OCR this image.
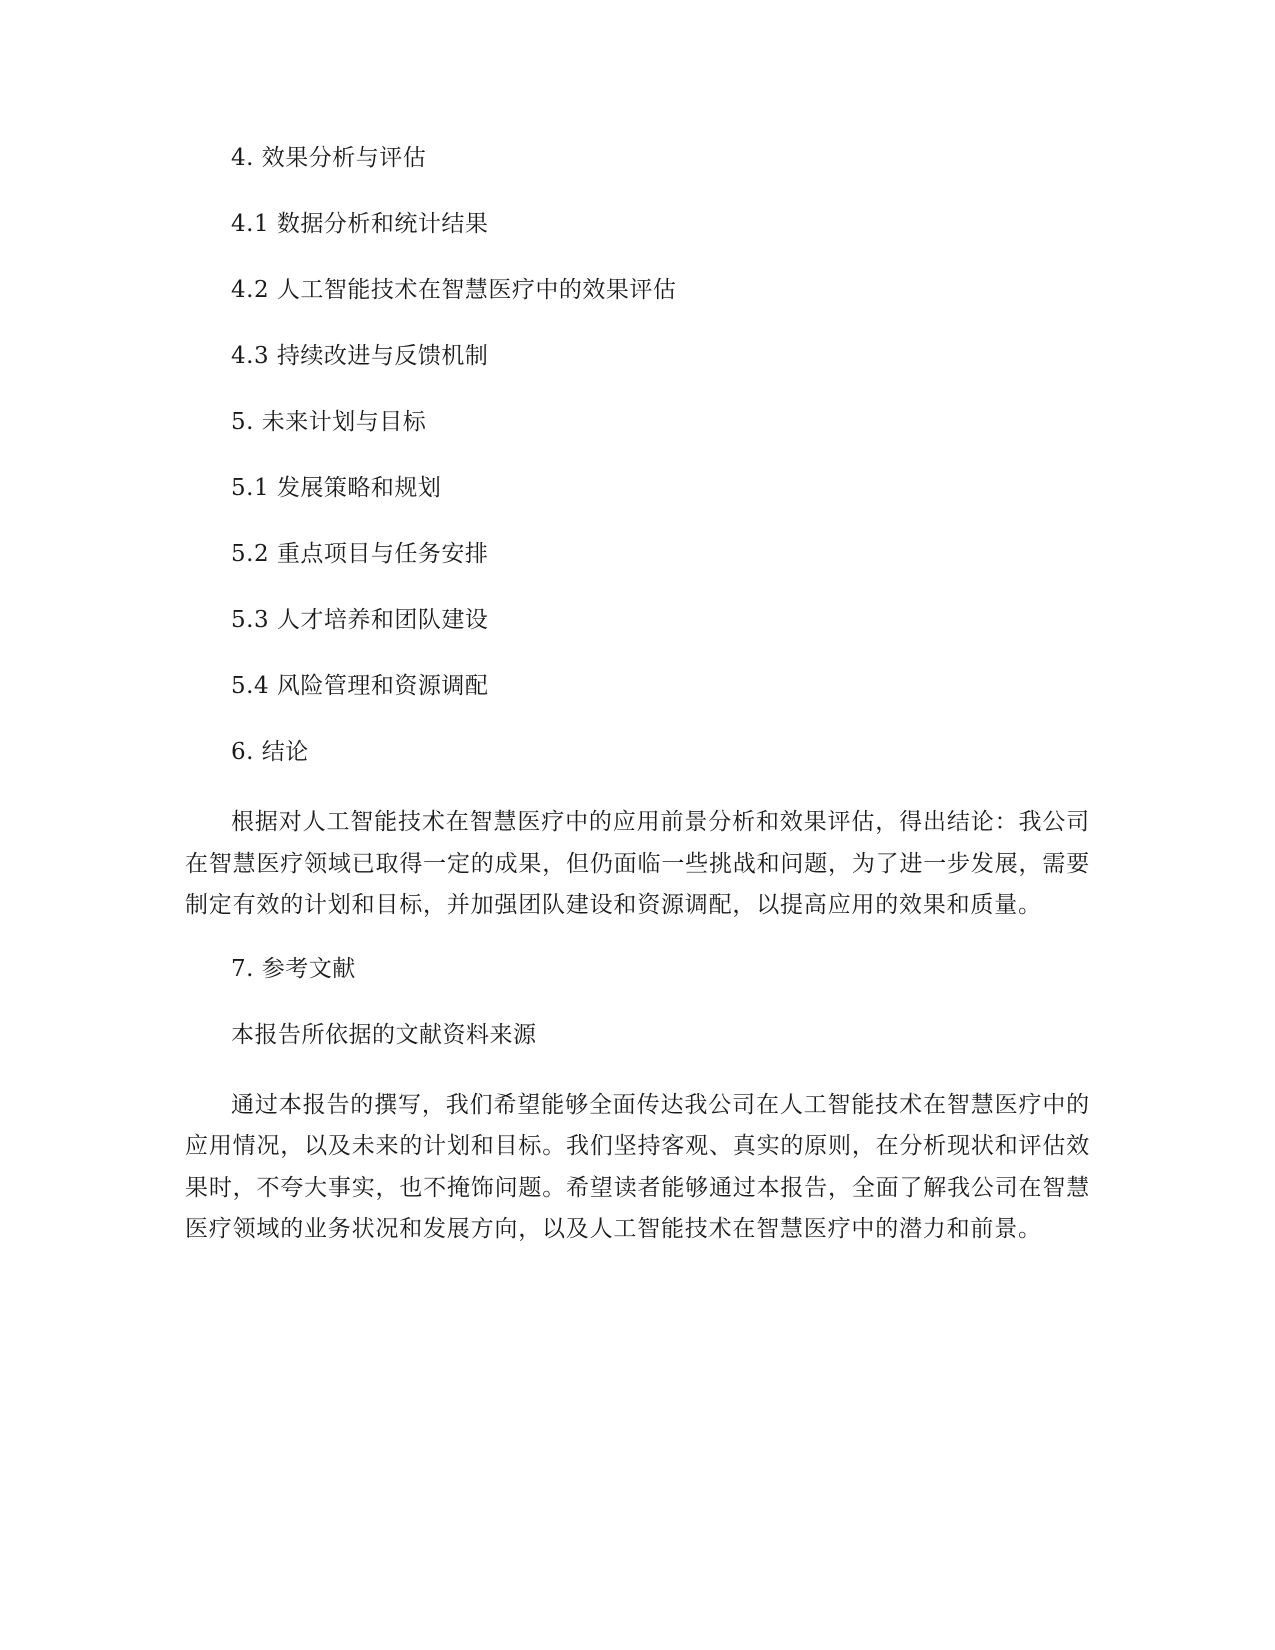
4. 效果分析与评估
4.1 数据分析和统计结果
4.2 人工智能技术在智慧医疗中的效果评估
4.3 持续改进与反馈机制
5. 未来计划与目标
5.1 发展策略和规划
5.2 重点项目与任务安排
5.3 人才培养和团队建设
5.4 风险管理和资源调配
6. 结论

根据对人工智能技术在智慧医疗中的应用前景分析和效果评估，得出结论：我公司在智慧医疗领域已取得一定的成果，但仍面临一些挑战和问题，为了进一步发展，需要制定有效的计划和目标，并加强团队建设和资源调配，以提高应用的效果和质量。

7. 参考文献
本报告所依据的文献资料来源

通过本报告的撰写，我们希望能够全面传达我公司在人工智能技术在智慧医疗中的应用情况，以及未来的计划和目标。我们坚持客观、真实的原则，在分析现状和评估效果时，不夸大事实，也不掩饰问题。希望读者能够通过本报告，全面了解我公司在智慧医疗领域的业务状况和发展方向，以及人工智能技术在智慧医疗中的潜力和前景。
